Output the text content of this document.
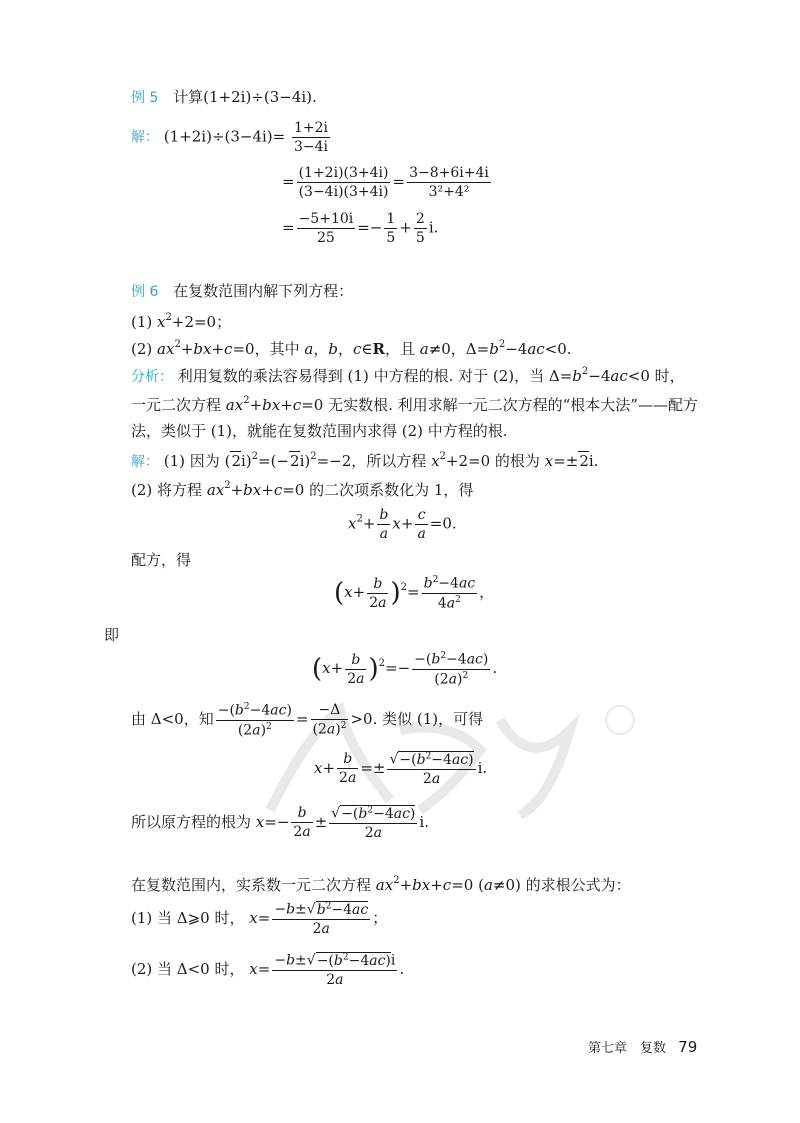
例 5 计算(1+2i)÷(3−4i).
解： $(1+2i)\div(3-4i)= \frac{1+2i}{3-4i}$
= $\frac{(1+2i)(3+4i)}{(3-4i)(3+4i)} = \frac{3-8+6i+4i}{\text{3²+4²}}$
= $\frac{-5+10i}{25} =- \frac{1}{5} + \frac{2}{5} i$.
例 6 在复数范围内解下列方程：
(1) $x^2+2=0$；
(2) $ax^2+bx+c=0$，其中 a，b，c∈R，且 a≠0，$\Delta=b^2-4ac<0$.
分析： 利用复数的乘法容易得到 (1) 中方程的根. 对于 (2)，当 $\Delta=b^2-4ac<0$ 时，
一元二次方程 $ax^2+bx+c=0$ 无实数根. 利用求解一元二次方程的“根本大法”——配方
法，类似于 (1)，就能在复数范围内求得 (2) 中方程的根.
解： (1) 因为 $(2i)^2=(-2i)^2=-2$，所以方程 $x^2+2=0$ 的根为 x=±2i.
(2) 将方程 $ax^2+bx+c=0$ 的二次项系数化为 1，得
$x^2+ \frac{b}{a} x+ \frac{c}{a} =0$.
配方，得
$(x+ \frac{b}{2a} )^2= \frac{b^2-4ac}{4a^2}$ ，
即
$(x+ \frac{b}{2a} )^2=- \frac{-(b^2-4ac)}{(2a)^2}$ .
由 Δ<0，知 $\frac{-(b^2-4ac)}{(2a)^2} = \frac{-\Delta}{(2a)^2} >0$. 类似 (1)，可得
$x+ \frac{b}{2a} =\pm \frac{√-(b^2-4ac)}{2a} i$.
所以原方程的根为 $x=- \frac{b}{2a} \pm \frac{√-(b^2-4ac)}{2a} i$.
在复数范围内，实系数一元二次方程 $ax^2+bx+c=0$ (a≠0) 的求根公式为：
(1) 当 Δ⩾0 时， $x= \frac{-b\pm√b^2-4ac}{2a}$ ；
(2) 当 Δ<0 时， $x= \frac{-b\pm√-(b^2-4ac)i}{2a}$ .
第七章　复数 79
